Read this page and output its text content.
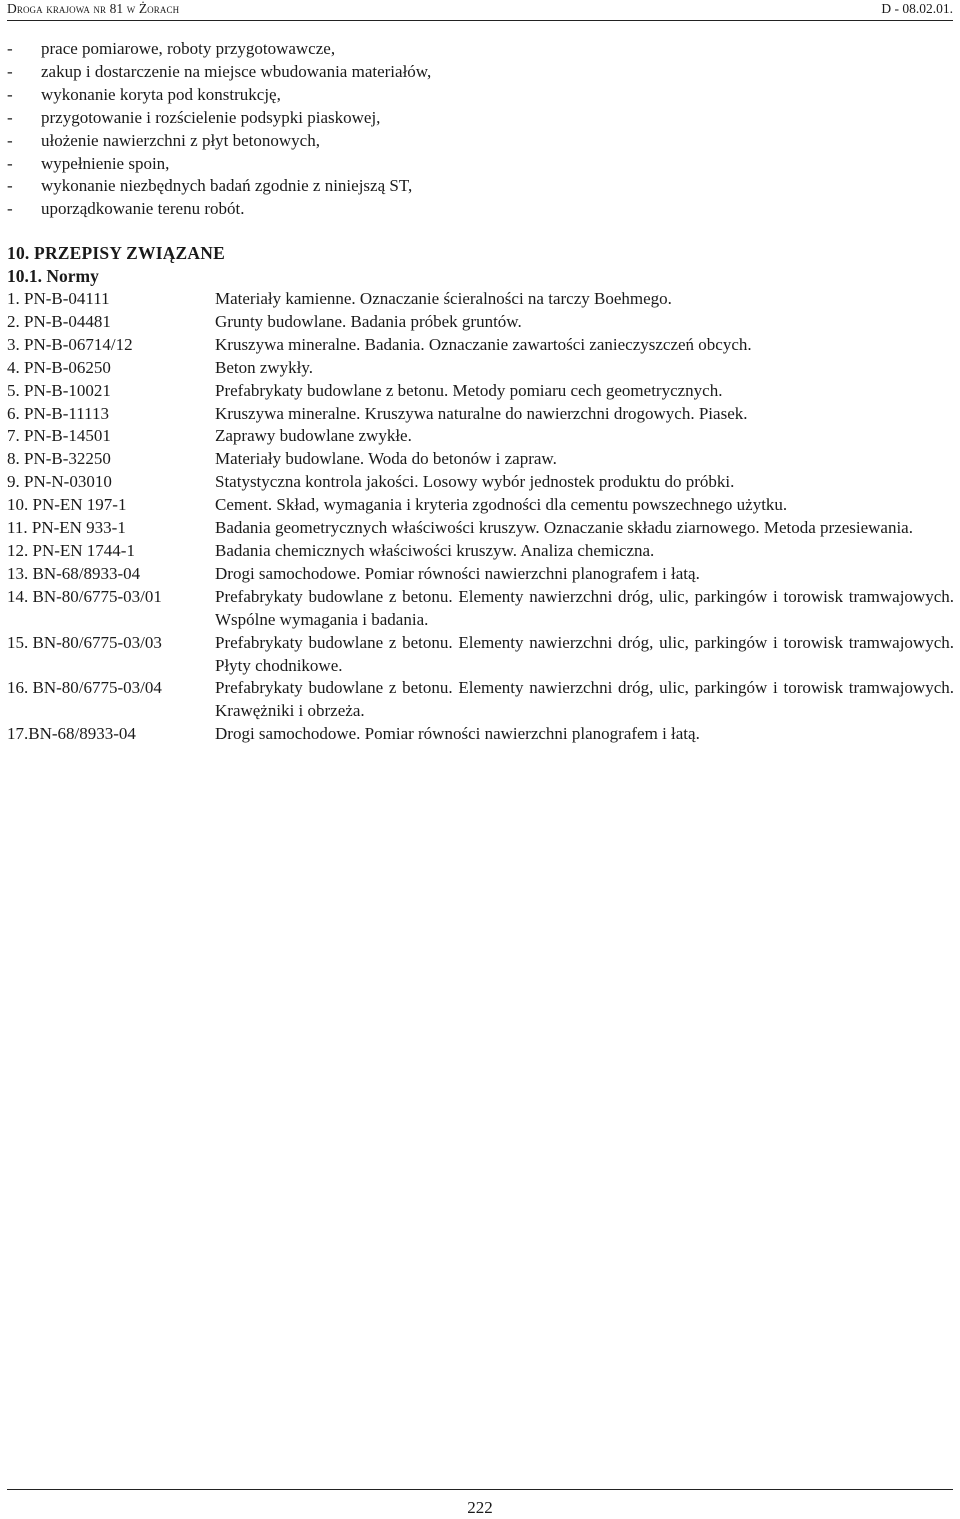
Droga krajowa nr 81 w Żorach	D - 08.02.01.
- prace pomiarowe, roboty przygotowawcze,
- zakup i dostarczenie na miejsce wbudowania materiałów,
- wykonanie koryta pod konstrukcję,
- przygotowanie i rozścielenie podsypki piaskowej,
- ułożenie nawierzchni z płyt betonowych,
- wypełnienie spoin,
- wykonanie niezbędnych badań zgodnie z niniejszą ST,
- uporządkowanie terenu robót.
10. PRZEPISY ZWIĄZANE
10.1. Normy
1. PN-B-04111	Materiały kamienne. Oznaczanie ścieralności na tarczy Boehmego.
2. PN-B-04481	Grunty budowlane. Badania próbek gruntów.
3. PN-B-06714/12	Kruszywa mineralne. Badania. Oznaczanie zawartości zanieczyszczeń obcych.
4. PN-B-06250	Beton zwykły.
5. PN-B-10021	Prefabrykaty budowlane z betonu. Metody pomiaru cech geometrycznych.
6. PN-B-11113	Kruszywa mineralne. Kruszywa naturalne do nawierzchni drogowych. Piasek.
7. PN-B-14501	Zaprawy budowlane zwykłe.
8. PN-B-32250	Materiały budowlane. Woda do betonów i zapraw.
9. PN-N-03010	Statystyczna kontrola jakości. Losowy wybór jednostek produktu do próbki.
10. PN-EN 197-1	Cement. Skład, wymagania i kryteria zgodności dla cementu powszechnego użytku.
11. PN-EN 933-1	Badania geometrycznych właściwości kruszyw. Oznaczanie składu ziarnowego. Metoda przesiewania.
12. PN-EN 1744-1	Badania chemicznych właściwości kruszyw. Analiza chemiczna.
13. BN-68/8933-04	Drogi samochodowe. Pomiar równości nawierzchni planografem i łatą.
14. BN-80/6775-03/01	Prefabrykaty budowlane z betonu. Elementy nawierzchni dróg, ulic, parkingów i torowisk tramwajowych. Wspólne wymagania i badania.
15. BN-80/6775-03/03	Prefabrykaty budowlane z betonu. Elementy nawierzchni dróg, ulic, parkingów i torowisk tramwajowych. Płyty chodnikowe.
16. BN-80/6775-03/04	Prefabrykaty budowlane z betonu. Elementy nawierzchni dróg, ulic, parkingów i torowisk tramwajowych. Krawężniki i obrzeża.
17.BN-68/8933-04	Drogi samochodowe. Pomiar równości nawierzchni planografem i łatą.
222
